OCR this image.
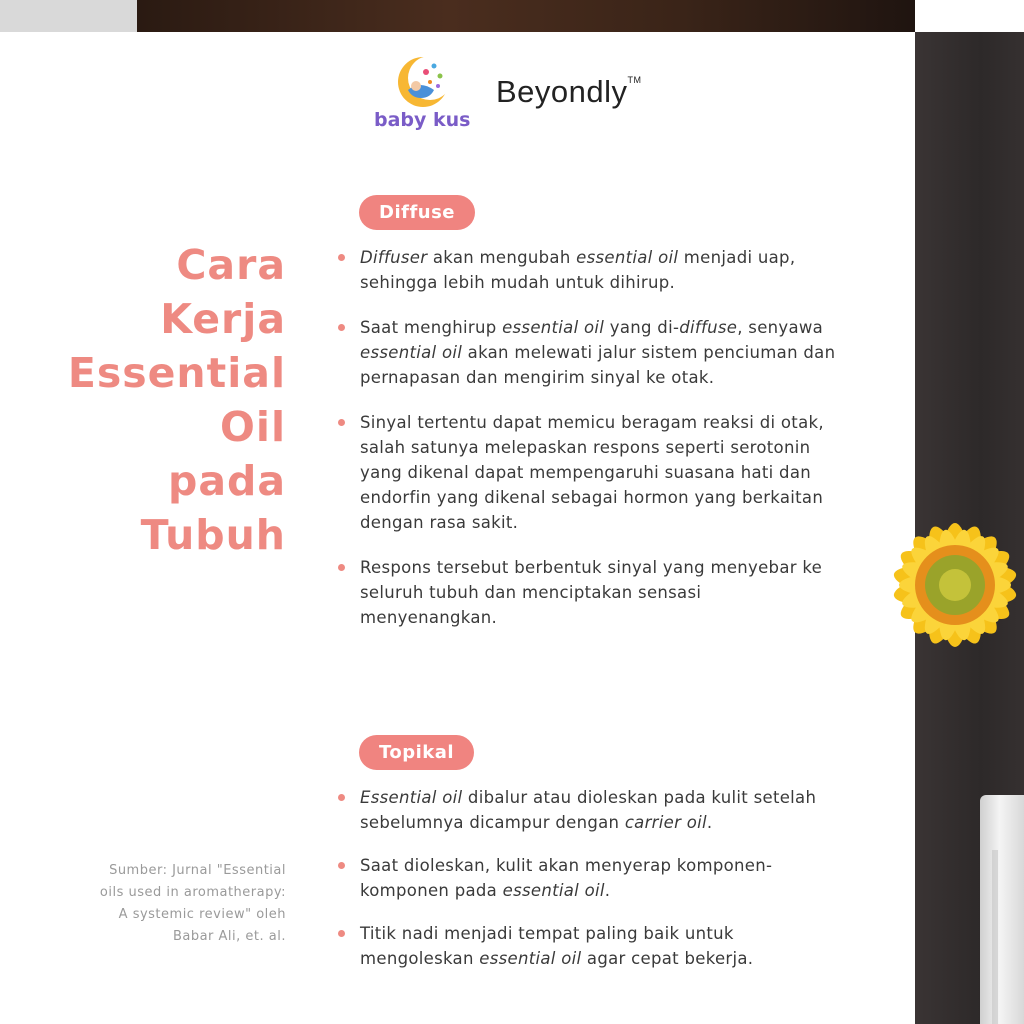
baby kus
Beyondly™
Cara
Kerja
Essential
Oil
pada
Tubuh
Diffuse
Diffuser akan mengubah essential oil menjadi uap, sehingga lebih mudah untuk dihirup.
Saat menghirup essential oil yang di-diffuse, senyawa essential oil akan melewati jalur sistem penciuman dan pernapasan dan mengirim sinyal ke otak.
Sinyal tertentu dapat memicu beragam reaksi di otak, salah satunya melepaskan respons seperti serotonin yang dikenal dapat mempengaruhi suasana hati dan endorfin yang dikenal sebagai hormon yang berkaitan dengan rasa sakit.
Respons tersebut berbentuk sinyal yang menyebar ke seluruh tubuh dan menciptakan sensasi menyenangkan.
Topikal
Essential oil dibalur atau dioleskan pada kulit setelah sebelumnya dicampur dengan carrier oil.
Saat dioleskan, kulit akan menyerap komponen-komponen pada essential oil.
Titik nadi menjadi tempat paling baik untuk mengoleskan essential oil agar cepat bekerja.
Sumber: Jurnal "Essential oils used in aromatherapy: A systemic review" oleh Babar Ali, et. al.
